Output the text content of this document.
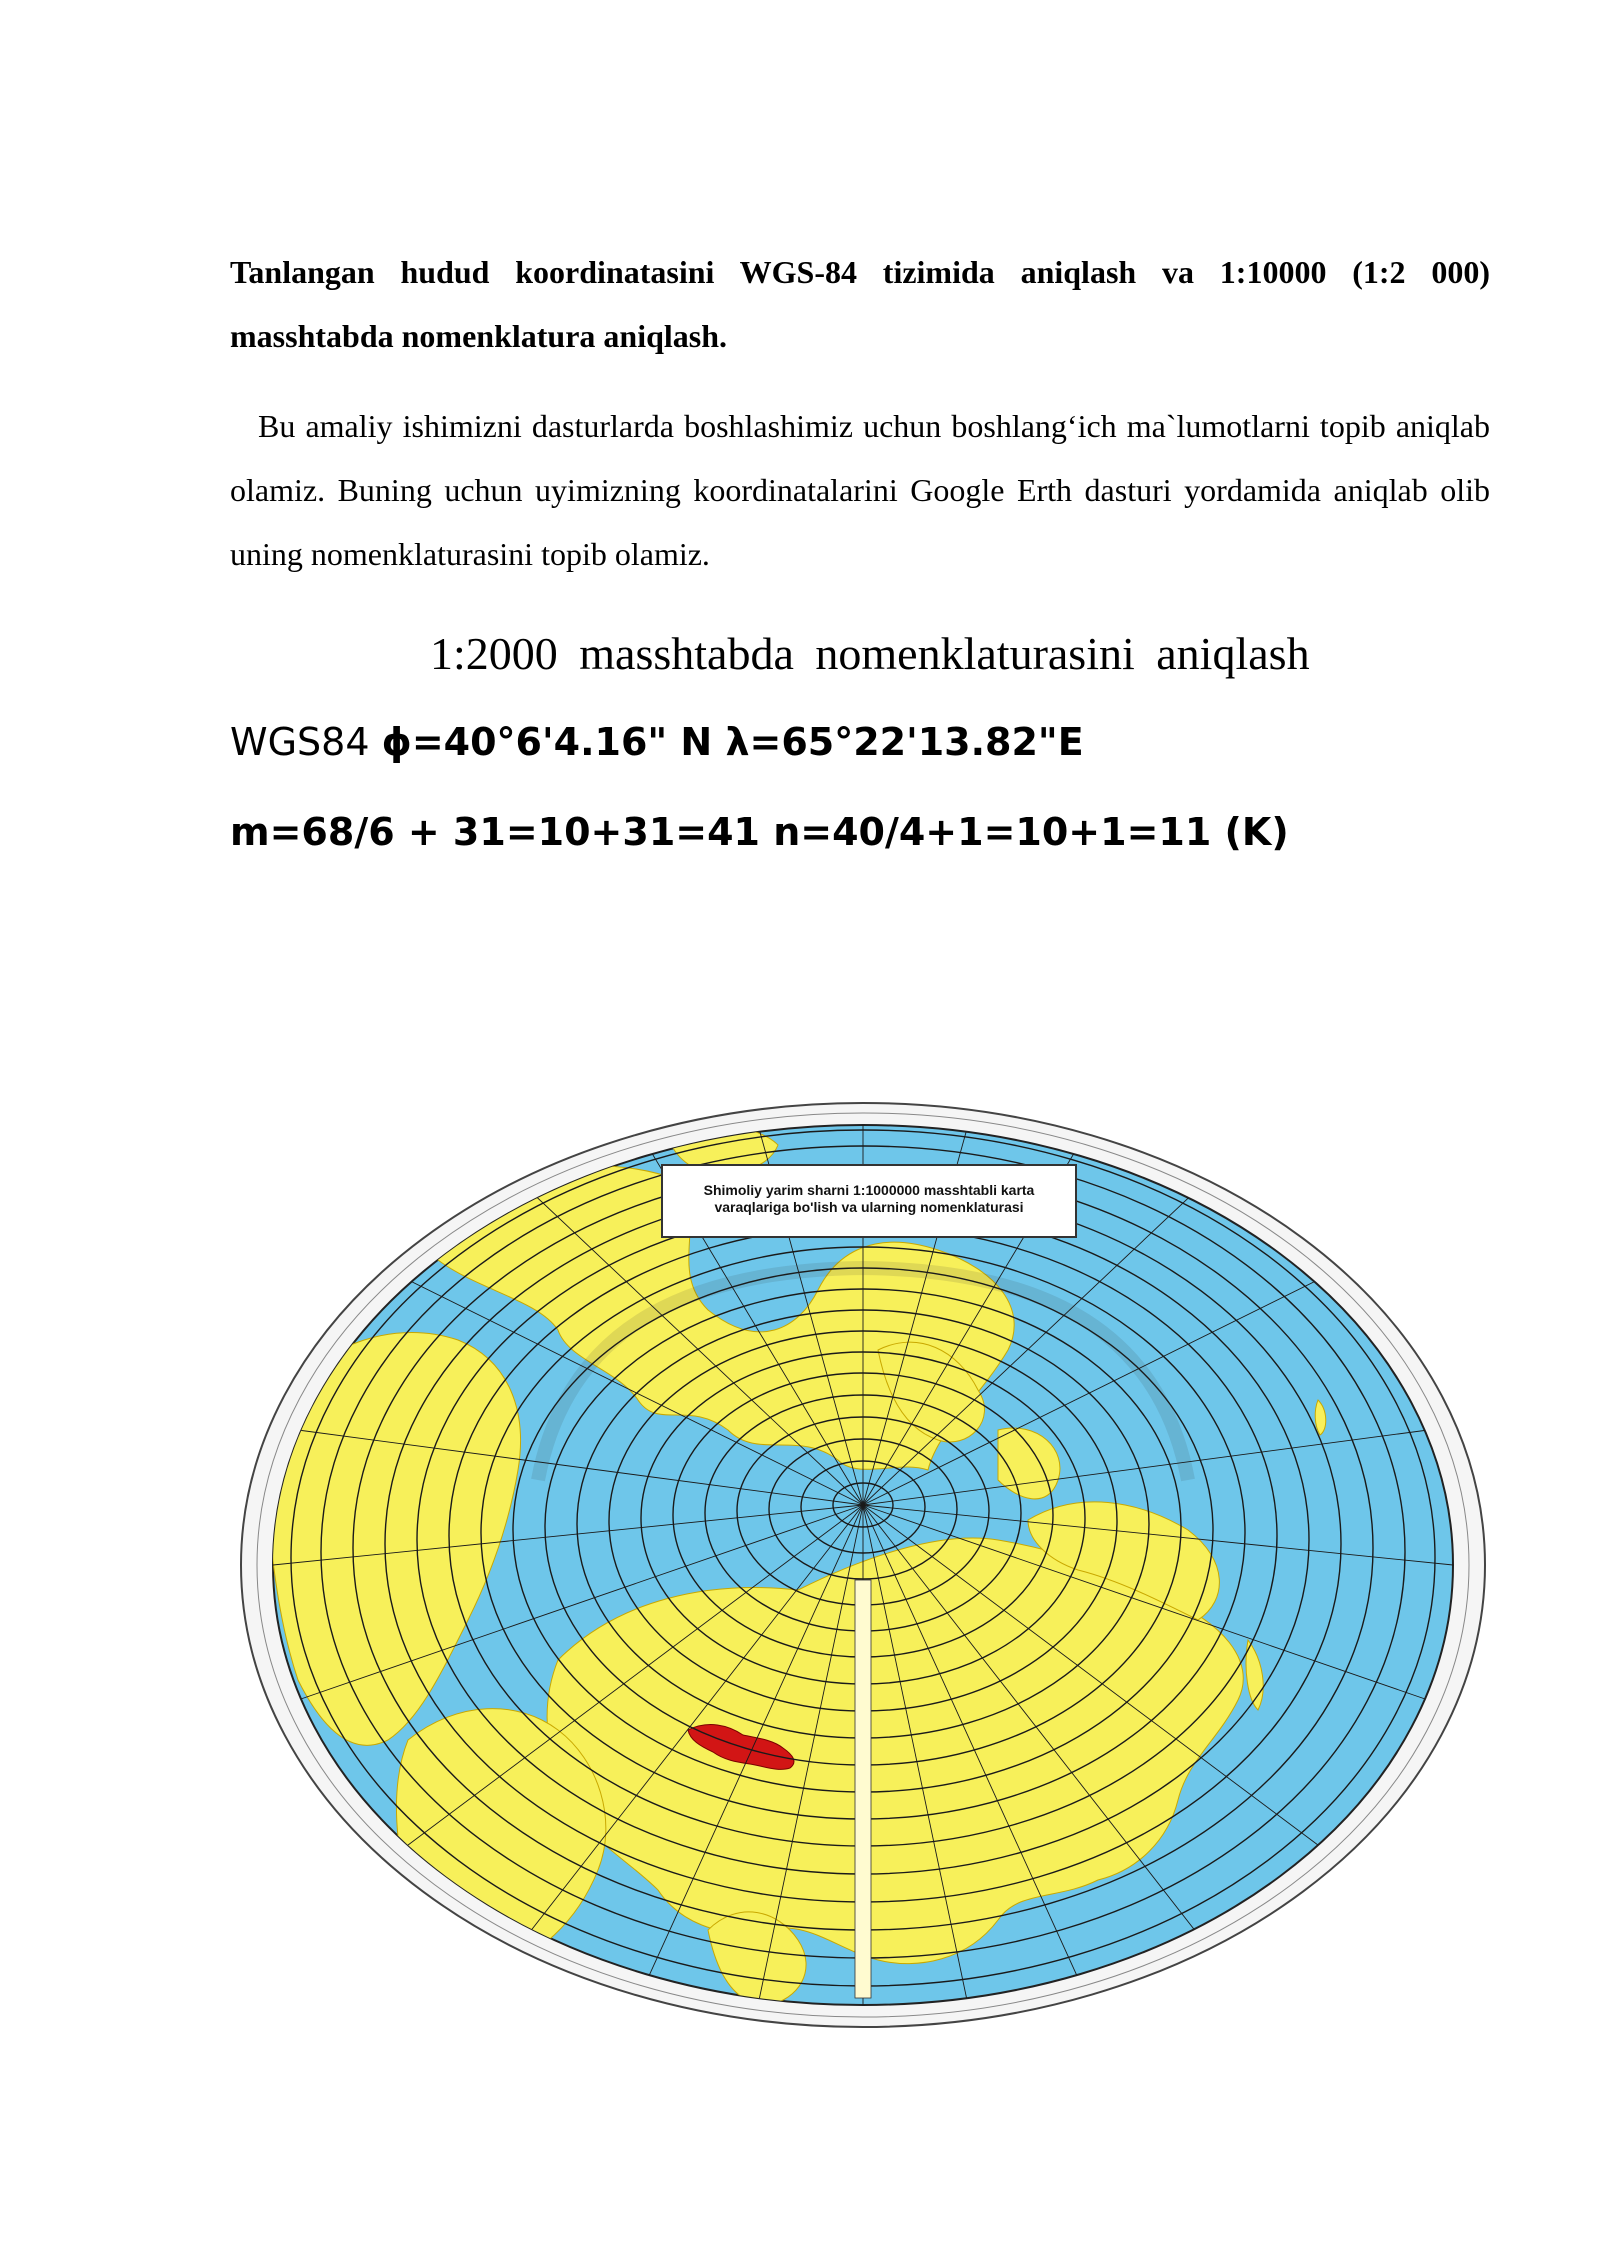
Tanlangan hudud koordinatasini WGS-84 tizimida aniqlash va 1:10000 (1:2 000) masshtabda nomenklatura aniqlash.
Bu amaliy ishimizni dasturlarda boshlashimiz uchun boshlang‘ich ma`lumotlarni topib aniqlab olamiz. Buning uchun uyimizning koordinatalarini Google Erth dasturi yordamida aniqlab olib uning nomenklaturasini topib olamiz.
1:2000 masshtabda nomenklaturasini aniqlash
WGS84 ϕ=40°6'4.16" N λ=65°22'13.82"E
m=68/6 + 31=10+31=41 n=40/4+1=10+1=11 (K)
Shimoliy yarim sharni 1:1000000 masshtabli karta
varaqlariga bo'lish va ularning nomenklaturasi
